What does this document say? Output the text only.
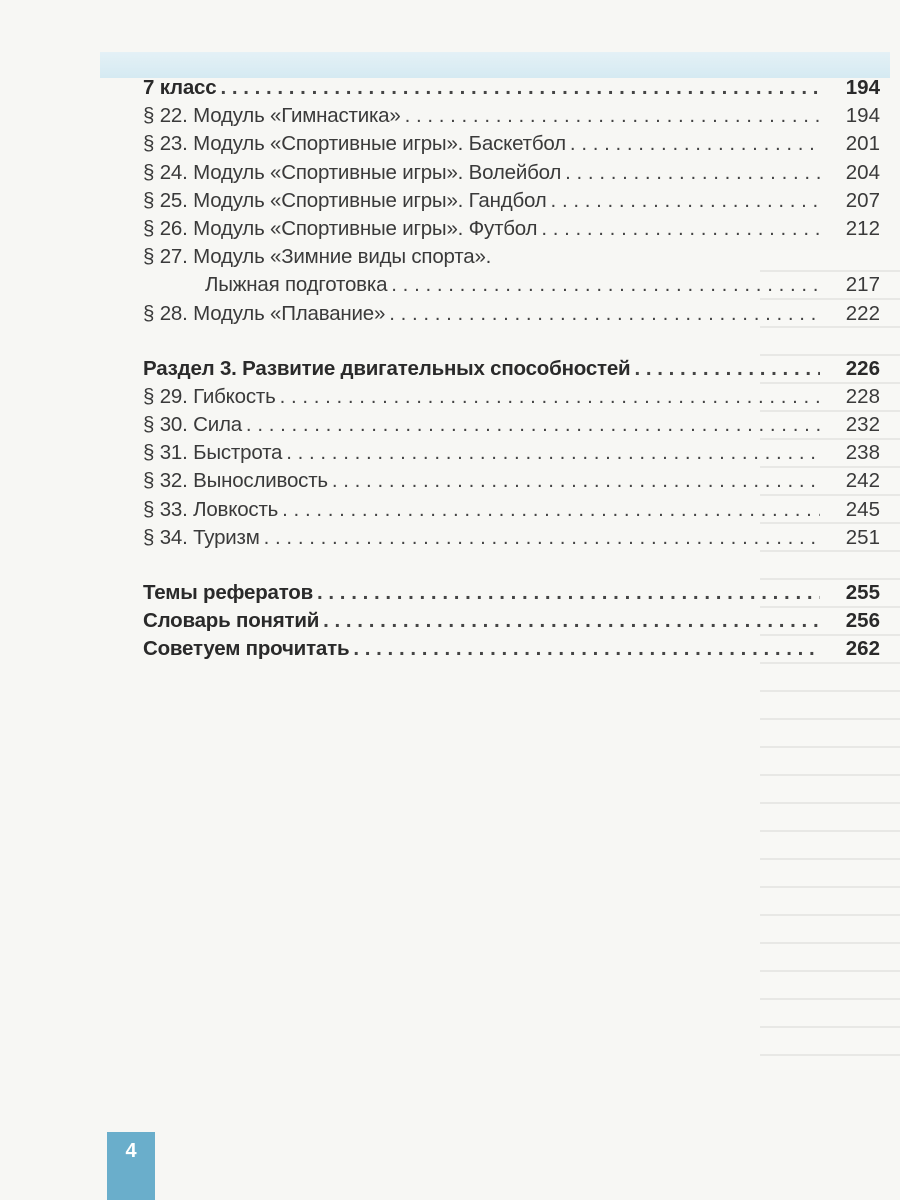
7 класс . . .	194
§ 22. Модуль «Гимнастика» . . .	194
§ 23. Модуль «Спортивные игры». Баскетбол . . .	201
§ 24. Модуль «Спортивные игры». Волейбол . . .	204
§ 25. Модуль «Спортивные игры». Гандбол . . .	207
§ 26. Модуль «Спортивные игры». Футбол . . .	212
§ 27. Модуль «Зимние виды спорта».
Лыжная подготовка . . .	217
§ 28. Модуль «Плавание» . . .	222
Раздел 3. Развитие двигательных способностей . . .	226
§ 29. Гибкость . . .	228
§ 30. Сила . . .	232
§ 31. Быстрота . . .	238
§ 32. Выносливость . . .	242
§ 33. Ловкость . . .	245
§ 34. Туризм . . .	251
Темы рефератов . . .	255
Словарь понятий . . .	256
Советуем прочитать . . .	262
4
